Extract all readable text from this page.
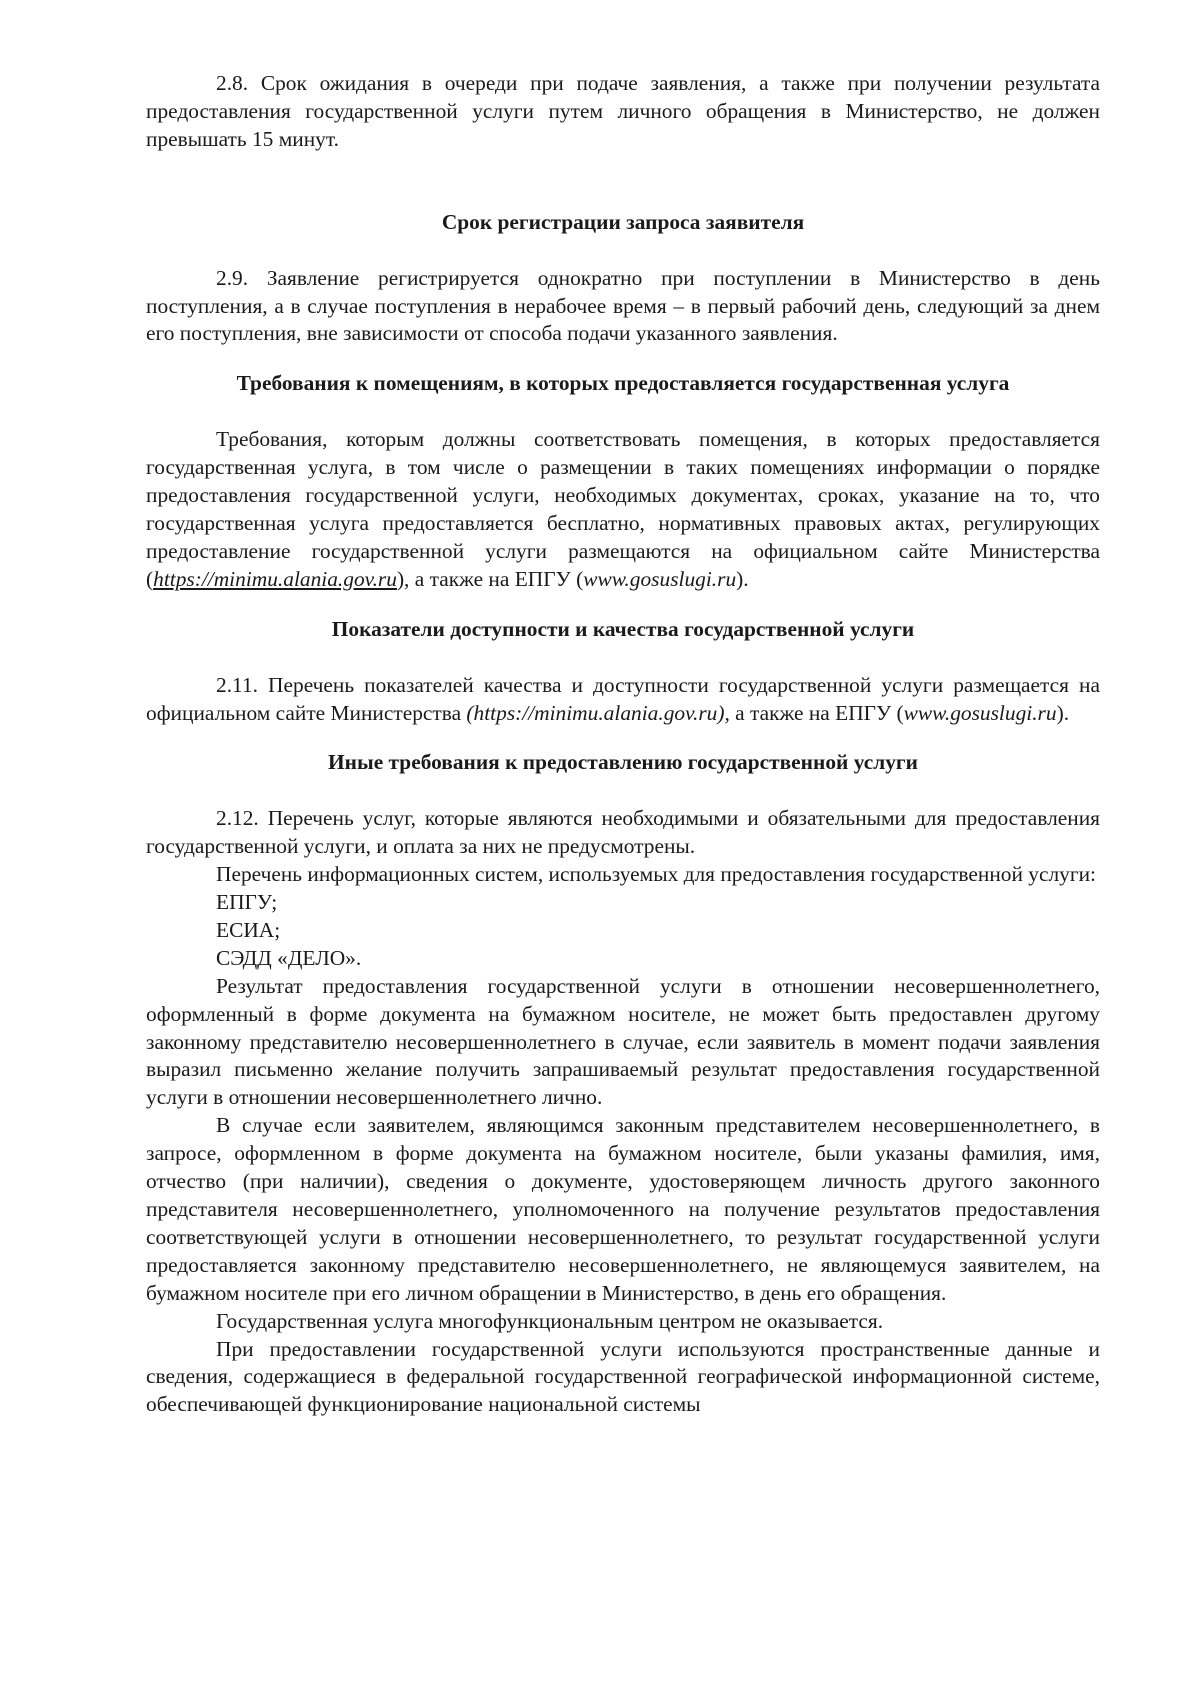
2.8. Срок ожидания в очереди при подаче заявления, а также при получении результата предоставления государственной услуги путем личного обращения в Министерство, не должен превышать 15 минут.

Срок регистрации запроса заявителя

2.9. Заявление регистрируется однократно при поступлении в Министерство в день поступления, а в случае поступления в нерабочее время – в первый рабочий день, следующий за днем его поступления, вне зависимости от способа подачи указанного заявления.

Требования к помещениям, в которых предоставляется государственная услуга

Требования, которым должны соответствовать помещения, в которых предоставляется государственная услуга, в том числе о размещении в таких помещениях информации о порядке предоставления государственной услуги, необходимых документах, сроках, указание на то, что государственная услуга предоставляется бесплатно, нормативных правовых актах, регулирующих предоставление государственной услуги размещаются на официальном сайте Министерства (https://minimu.alania.gov.ru), а также на ЕПГУ (www.gosuslugi.ru).

Показатели доступности и качества государственной услуги

2.11. Перечень показателей качества и доступности государственной услуги размещается на официальном сайте Министерства (https://minimu.alania.gov.ru), а также на ЕПГУ (www.gosuslugi.ru).

Иные требования к предоставлению государственной услуги

2.12. Перечень услуг, которые являются необходимыми и обязательными для предоставления государственной услуги, и оплата за них не предусмотрены.

Перечень информационных систем, используемых для предоставления государственной услуги:

ЕПГУ;

ЕСИА;

СЭДД «ДЕЛО».

Результат предоставления государственной услуги в отношении несовершеннолетнего, оформленный в форме документа на бумажном носителе, не может быть предоставлен другому законному представителю несовершеннолетнего в случае, если заявитель в момент подачи заявления выразил письменно желание получить запрашиваемый результат предоставления государственной услуги в отношении несовершеннолетнего лично.

В случае если заявителем, являющимся законным представителем несовершеннолетнего, в запросе, оформленном в форме документа на бумажном носителе, были указаны фамилия, имя, отчество (при наличии), сведения о документе, удостоверяющем личность другого законного представителя несовершеннолетнего, уполномоченного на получение результатов предоставления соответствующей услуги в отношении несовершеннолетнего, то результат государственной услуги предоставляется законному представителю несовершеннолетнего, не являющемуся заявителем, на бумажном носителе при его личном обращении в Министерство, в день его обращения.

Государственная услуга многофункциональным центром не оказывается.

При предоставлении государственной услуги используются пространственные данные и сведения, содержащиеся в федеральной государственной географической информационной системе, обеспечивающей функционирование национальной системы
